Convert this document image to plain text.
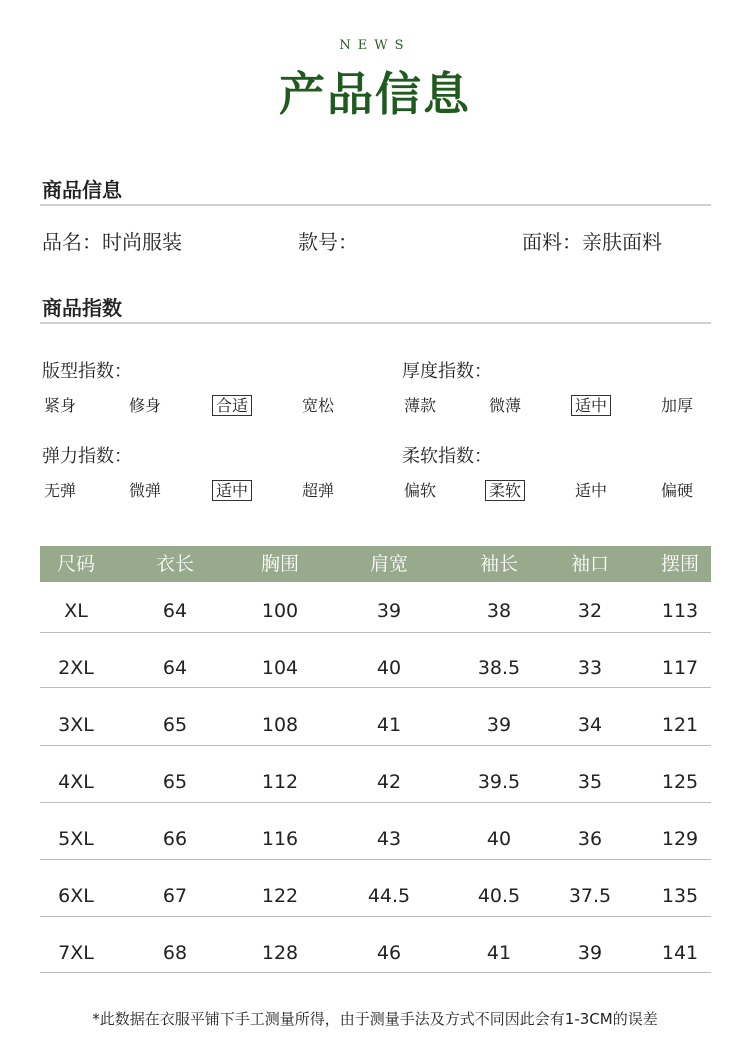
NEWS
产品信息
商品信息
品名：时尚服装	款号：	面料：亲肤面料
商品指数
版型指数：
紧身	修身	合适	宽松
厚度指数：
薄款	微薄	适中	加厚
弹力指数：
无弹	微弹	适中	超弹
柔软指数：
偏软	柔软	适中	偏硬
尺码	衣长	胸围	肩宽	袖长	袖口	摆围
XL	64	100	39	38	32	113
2XL	64	104	40	38.5	33	117
3XL	65	108	41	39	34	121
4XL	65	112	42	39.5	35	125
5XL	66	116	43	40	36	129
6XL	67	122	44.5	40.5	37.5	135
7XL	68	128	46	41	39	141
*此数据在衣服平铺下手工测量所得，由于测量手法及方式不同因此会有1-3CM的误差
